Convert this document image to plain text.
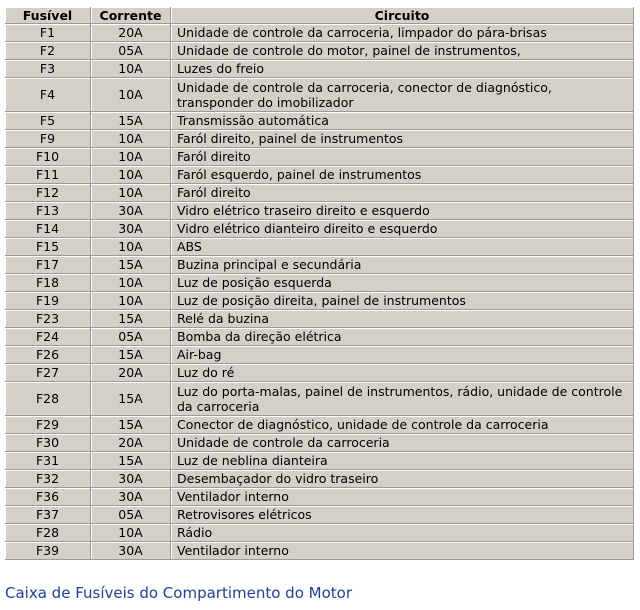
Fusível	Corrente	Circuito
F1	20A	Unidade de controle da carroceria, limpador do pára-brisas
F2	05A	Unidade de controle do motor, painel de instrumentos,
F3	10A	Luzes do freio
F4	10A	Unidade de controle da carroceria, conector de diagnóstico, transponder do imobilizador
F5	15A	Transmissão automática
F9	10A	Faról direito, painel de instrumentos
F10	10A	Faról direito
F11	10A	Faról esquerdo, painel de instrumentos
F12	10A	Faról direito
F13	30A	Vidro elétrico traseiro direito e esquerdo
F14	30A	Vidro elétrico dianteiro direito e esquerdo
F15	10A	ABS
F17	15A	Buzina principal e secundária
F18	10A	Luz de posição esquerda
F19	10A	Luz de posição direita, painel de instrumentos
F23	15A	Relé da buzina
F24	05A	Bomba da direção elétrica
F26	15A	Air-bag
F27	20A	Luz do ré
F28	15A	Luz do porta-malas, painel de instrumentos, rádio, unidade de controle da carroceria
F29	15A	Conector de diagnóstico, unidade de controle da carroceria
F30	20A	Unidade de controle da carroceria
F31	15A	Luz de neblina dianteira
F32	30A	Desembaçador do vidro traseiro
F36	30A	Ventilador interno
F37	05A	Retrovisores elétricos
F28	10A	Rádio
F39	30A	Ventilador interno
Caixa de Fusíveis do Compartimento do Motor
